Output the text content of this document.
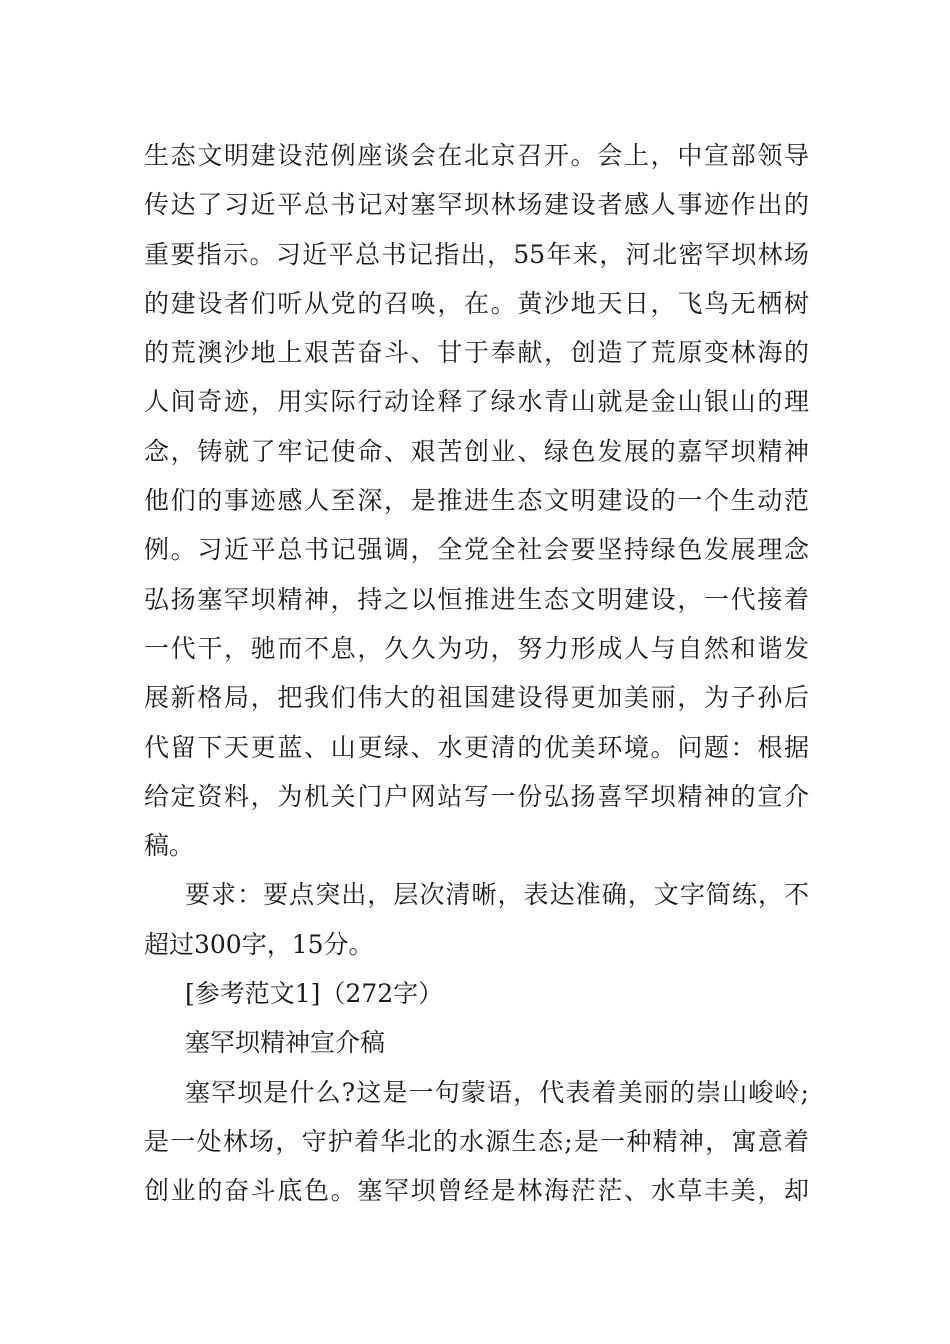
生态文明建设范例座谈会在北京召开。会上，中宣部领导
传达了习近平总书记对塞罕坝林场建设者感人事迹作出的
重要指示。习近平总书记指出，55年来，河北密罕坝林场
的建设者们听从党的召唤，在。黄沙地天日，飞鸟无栖树
的荒澳沙地上艰苦奋斗、甘于奉献，创造了荒原变林海的
人间奇迹，用实际行动诠释了绿水青山就是金山银山的理
念，铸就了牢记使命、艰苦创业、绿色发展的嘉罕坝精神
他们的事迹感人至深，是推进生态文明建设的一个生动范
例。习近平总书记强调，全党全社会要坚持绿色发展理念
弘扬塞罕坝精神，持之以恒推进生态文明建设，一代接着
一代干，驰而不息，久久为功，努力形成人与自然和谐发
展新格局，把我们伟大的祖国建设得更加美丽，为子孙后
代留下天更蓝、山更绿、水更清的优美环境。问题：根据
给定资料，为机关门户网站写一份弘扬喜罕坝精神的宣介
稿。
要求：要点突出，层次清晰，表达准确，文字简练，不
超过300字，15分。
[参考范文1]（272字）
塞罕坝精神宣介稿
塞罕坝是什么?这是一句蒙语，代表着美丽的崇山峻岭;
是一处林场，守护着华北的水源生态;是一种精神，寓意着
创业的奋斗底色。塞罕坝曾经是林海茫茫、水草丰美，却
